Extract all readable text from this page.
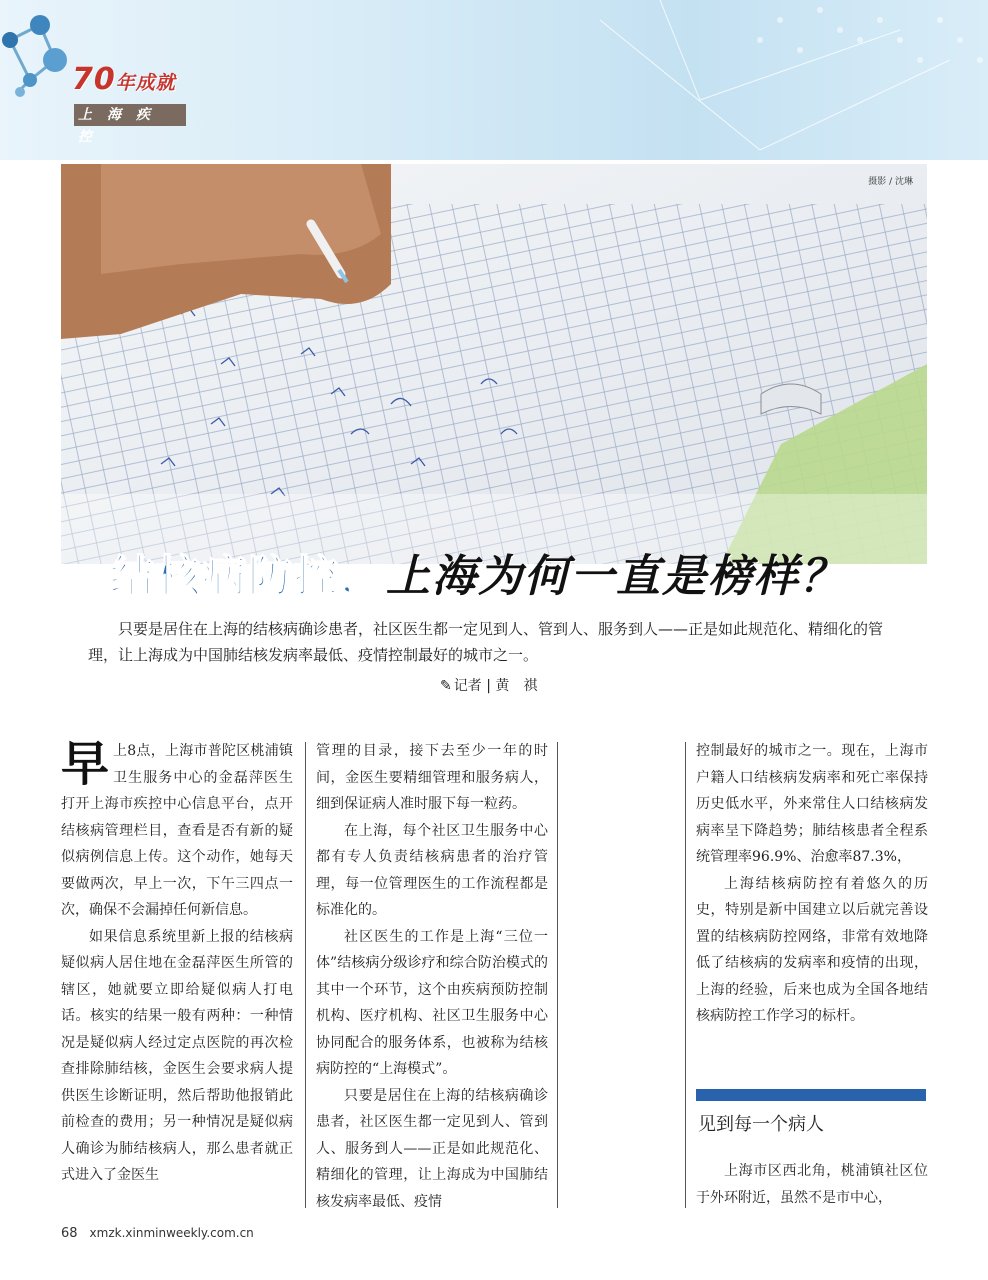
70年成就
上海疾控
摄影 / 沈琳
结核病防控，上海为何一直是榜样？

只要是居住在上海的结核病确诊患者，社区医生都一定见到人、管到人、服务到人——正是如此规范化、精细化的管理，让上海成为中国肺结核发病率最低、疫情控制最好的城市之一。

✎ 记者 | 黄　祺

早上8点，上海市普陀区桃浦镇卫生服务中心的金磊萍医生打开上海市疾控中心信息平台，点开结核病管理栏目，查看是否有新的疑似病例信息上传。这个动作，她每天要做两次，早上一次，下午三四点一次，确保不会漏掉任何新信息。

如果信息系统里新上报的结核病疑似病人居住地在金磊萍医生所管的辖区，她就要立即给疑似病人打电话。核实的结果一般有两种：一种情况是疑似病人经过定点医院的再次检查排除肺结核，金医生会要求病人提供医生诊断证明，然后帮助他报销此前检查的费用；另一种情况是疑似病人确诊为肺结核病人，那么患者就正式进入了金医生

管理的目录，接下去至少一年的时间，金医生要精细管理和服务病人，细到保证病人准时服下每一粒药。

在上海，每个社区卫生服务中心都有专人负责结核病患者的治疗管理，每一位管理医生的工作流程都是标准化的。

社区医生的工作是上海“三位一体”结核病分级诊疗和综合防治模式的其中一个环节，这个由疾病预防控制机构、医疗机构、社区卫生服务中心协同配合的服务体系，也被称为结核病防控的“上海模式”。

只要是居住在上海的结核病确诊患者，社区医生都一定见到人、管到人、服务到人——正是如此规范化、精细化的管理，让上海成为中国肺结核发病率最低、疫情

控制最好的城市之一。现在，上海市户籍人口结核病发病率和死亡率保持历史低水平，外来常住人口结核病发病率呈下降趋势；肺结核患者全程系统管理率96.9%、治愈率87.3%，

上海结核病防控有着悠久的历史，特别是新中国建立以后就完善设置的结核病防控网络，非常有效地降低了结核病的发病率和疫情的出现，上海的经验，后来也成为全国各地结核病防控工作学习的标杆。

见到每一个病人

上海市区西北角，桃浦镇社区位于外环附近，虽然不是市中心，

68 xmzk.xinminweekly.com.cn
